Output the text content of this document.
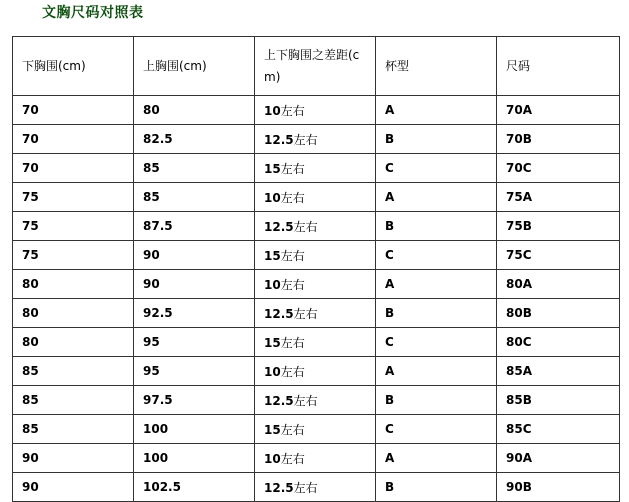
文胸尺码对照表
下胸围(cm)	上胸围(cm)	上下胸围之差距(cm)	杯型	尺码

70	80	10左右	A	70A
70	82.5	12.5左右	B	70B
70	85	15左右	C	70C
75	85	10左右	A	75A
75	87.5	12.5左右	B	75B
75	90	15左右	C	75C
80	90	10左右	A	80A
80	92.5	12.5左右	B	80B
80	95	15左右	C	80C
85	95	10左右	A	85A
85	97.5	12.5左右	B	85B
85	100	15左右	C	85C
90	100	10左右	A	90A
90	102.5	12.5左右	B	90B
